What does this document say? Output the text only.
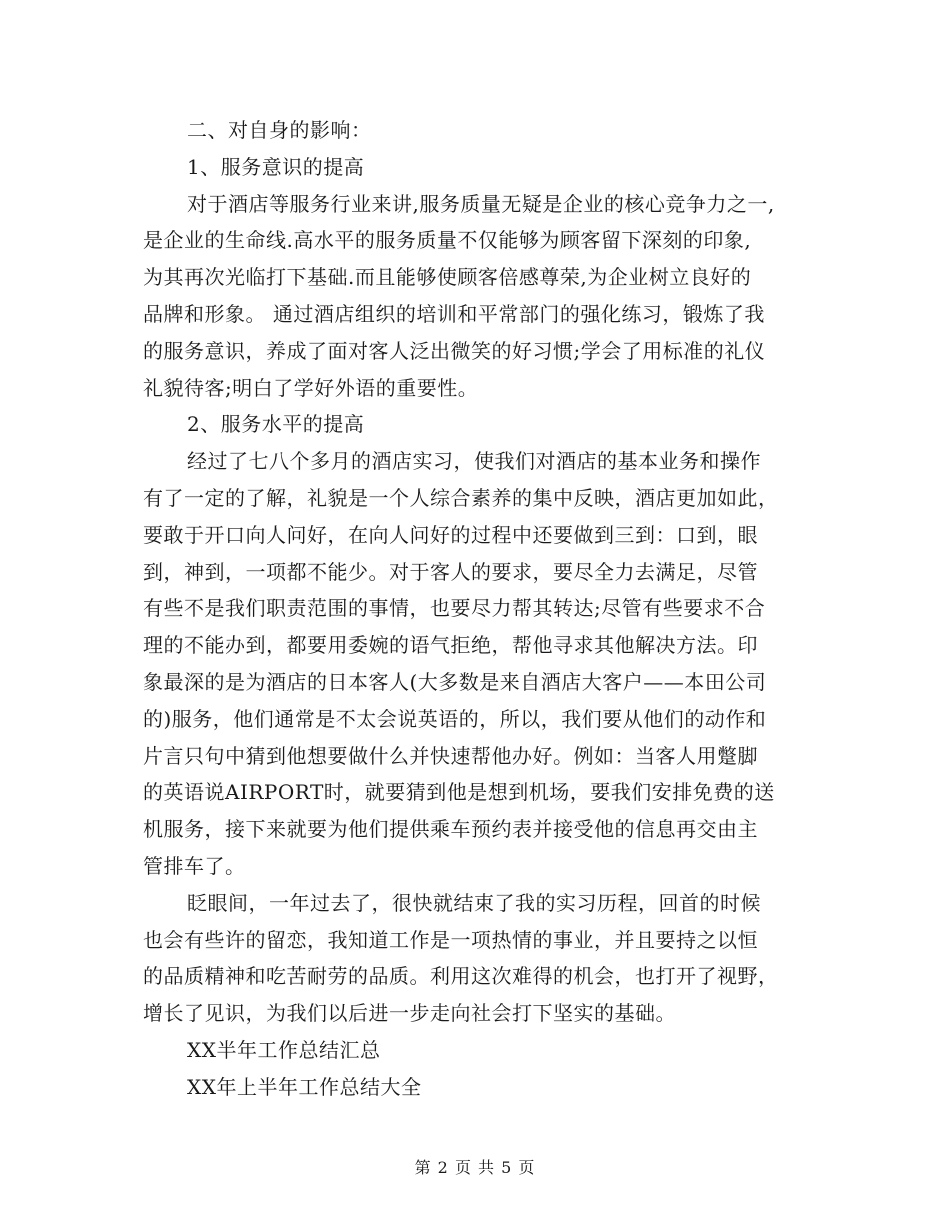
二、对自身的影响：
1、服务意识的提高
对于酒店等服务行业来讲,服务质量无疑是企业的核心竞争力之一,
是企业的生命线.高水平的服务质量不仅能够为顾客留下深刻的印象,
为其再次光临打下基础.而且能够使顾客倍感尊荣,为企业树立良好的
品牌和形象。 通过酒店组织的培训和平常部门的强化练习，锻炼了我
的服务意识，养成了面对客人泛出微笑的好习惯;学会了用标准的礼仪
礼貌待客;明白了学好外语的重要性。
2、服务水平的提高
经过了七八个多月的酒店实习，使我们对酒店的基本业务和操作
有了一定的了解，礼貌是一个人综合素养的集中反映，酒店更加如此，
要敢于开口向人问好，在向人问好的过程中还要做到三到：口到，眼
到，神到，一项都不能少。对于客人的要求，要尽全力去满足，尽管
有些不是我们职责范围的事情，也要尽力帮其转达;尽管有些要求不合
理的不能办到，都要用委婉的语气拒绝，帮他寻求其他解决方法。印
象最深的是为酒店的日本客人(大多数是来自酒店大客户——本田公司
的)服务，他们通常是不太会说英语的，所以，我们要从他们的动作和
片言只句中猜到他想要做什么并快速帮他办好。例如：当客人用蹩脚
的英语说AIRPORT时，就要猜到他是想到机场，要我们安排免费的送
机服务，接下来就要为他们提供乘车预约表并接受他的信息再交由主
管排车了。
眨眼间，一年过去了，很快就结束了我的实习历程，回首的时候
也会有些许的留恋，我知道工作是一项热情的事业，并且要持之以恒
的品质精神和吃苦耐劳的品质。利用这次难得的机会，也打开了视野，
增长了见识，为我们以后进一步走向社会打下坚实的基础。
XX半年工作总结汇总
XX年上半年工作总结大全
第 2 页 共 5 页
